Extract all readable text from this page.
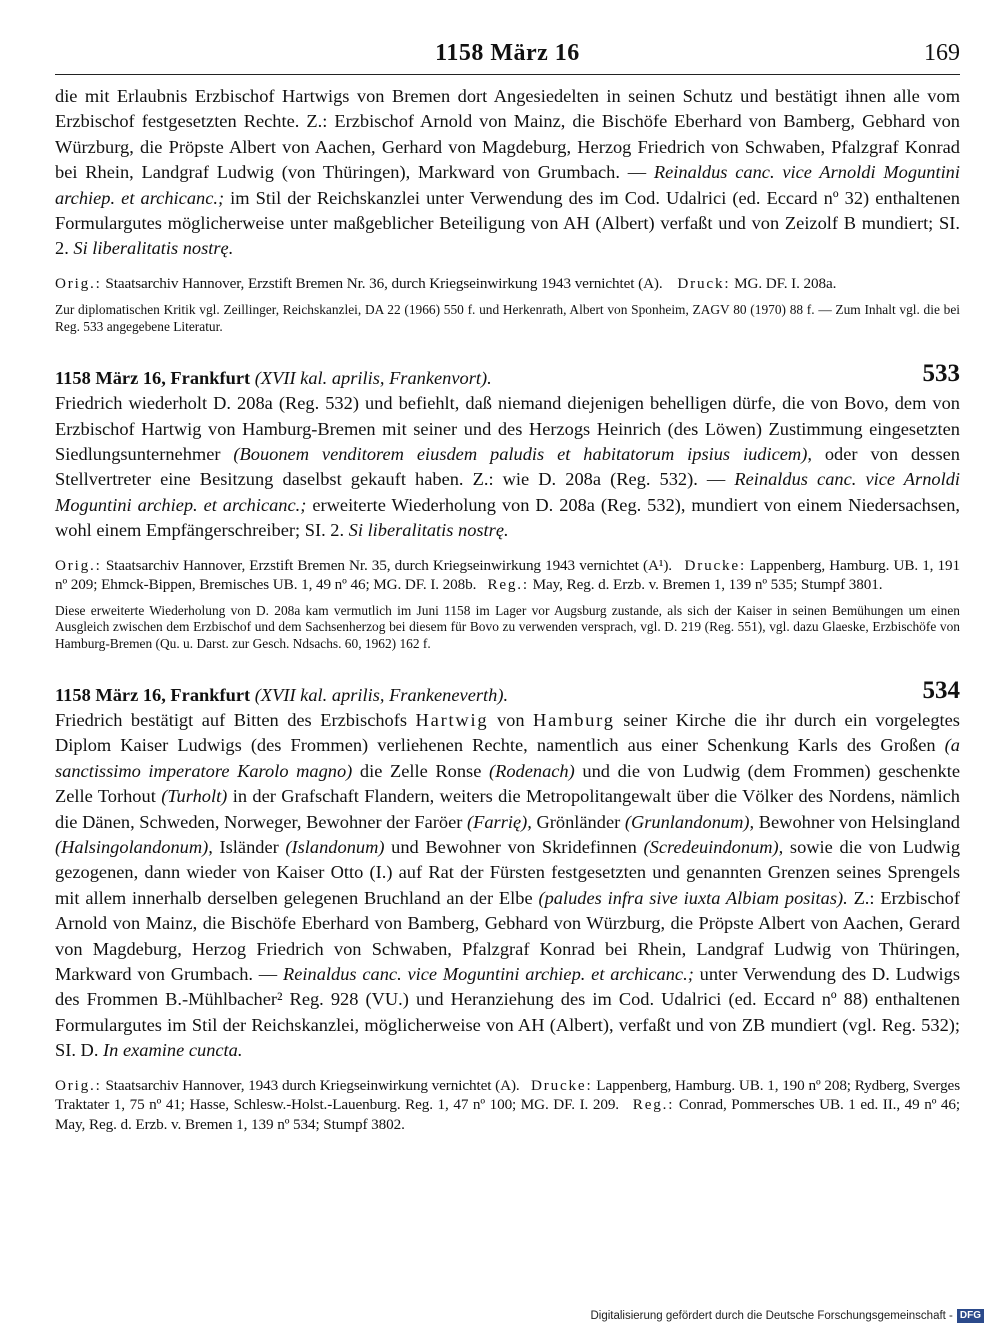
1158 März 16	169

die mit Erlaubnis Erzbischof Hartwigs von Bremen dort Angesiedelten in seinen Schutz und bestätigt ihnen alle vom Erzbischof festgesetzten Rechte. Z.: Erzbischof Arnold von Mainz, die Bischöfe Eberhard von Bamberg, Gebhard von Würzburg, die Pröpste Albert von Aachen, Gerhard von Magdeburg, Herzog Friedrich von Schwaben, Pfalzgraf Konrad bei Rhein, Landgraf Ludwig (von Thüringen), Markward von Grumbach. — Reinaldus canc. vice Arnoldi Moguntini archiep. et archicanc.; im Stil der Reichskanzlei unter Verwendung des im Cod. Udalrici (ed. Eccard nº 32) enthaltenen Formulargutes möglicherweise unter maßgeblicher Beteiligung von AH (Albert) verfaßt und von Zeizolf B mundiert; SI. 2. Si liberalitatis nostrę.

Orig.: Staatsarchiv Hannover, Erzstift Bremen Nr. 36, durch Kriegseinwirkung 1943 vernichtet (A). Druck: MG. DF. I. 208a.

Zur diplomatischen Kritik vgl. Zeillinger, Reichskanzlei, DA 22 (1966) 550 f. und Herkenrath, Albert von Sponheim, ZAGV 80 (1970) 88 f. — Zum Inhalt vgl. die bei Reg. 533 angegebene Literatur.

1158 März 16, Frankfurt (XVII kal. aprilis, Frankenvort).	533

Friedrich wiederholt D. 208a (Reg. 532) und befiehlt, daß niemand diejenigen behelligen dürfe, die von Bovo, dem von Erzbischof Hartwig von Hamburg-Bremen mit seiner und des Herzogs Heinrich (des Löwen) Zustimmung eingesetzten Siedlungsunternehmer (Bouonem venditorem eiusdem paludis et habitatorum ipsius iudicem), oder von dessen Stellvertreter eine Besitzung daselbst gekauft haben. Z.: wie D. 208a (Reg. 532). — Reinaldus canc. vice Arnoldi Moguntini archiep. et archicanc.; erweiterte Wiederholung von D. 208a (Reg. 532), mundiert von einem Niedersachsen, wohl einem Empfängerschreiber; SI. 2. Si liberalitatis nostrę.

Orig.: Staatsarchiv Hannover, Erzstift Bremen Nr. 35, durch Kriegseinwirkung 1943 vernichtet (A¹). Drucke: Lappenberg, Hamburg. UB. 1, 191 nº 209; Ehmck-Bippen, Bremisches UB. 1, 49 nº 46; MG. DF. I. 208b. Reg.: May, Reg. d. Erzb. v. Bremen 1, 139 nº 535; Stumpf 3801.

Diese erweiterte Wiederholung von D. 208a kam vermutlich im Juni 1158 im Lager vor Augsburg zustande, als sich der Kaiser in seinen Bemühungen um einen Ausgleich zwischen dem Erzbischof und dem Sachsenherzog bei diesem für Bovo zu verwenden versprach, vgl. D. 219 (Reg. 551), vgl. dazu Glaeske, Erzbischöfe von Hamburg-Bremen (Qu. u. Darst. zur Gesch. Ndsachs. 60, 1962) 162 f.

1158 März 16, Frankfurt (XVII kal. aprilis, Frankeneverth).	534

Friedrich bestätigt auf Bitten des Erzbischofs Hartwig von Hamburg seiner Kirche die ihr durch ein vorgelegtes Diplom Kaiser Ludwigs (des Frommen) verliehenen Rechte, namentlich aus einer Schenkung Karls des Großen (a sanctissimo imperatore Karolo magno) die Zelle Ronse (Rodenach) und die von Ludwig (dem Frommen) geschenkte Zelle Torhout (Turholt) in der Grafschaft Flandern, weiters die Metropolitangewalt über die Völker des Nordens, nämlich die Dänen, Schweden, Norweger, Bewohner der Faröer (Farrię), Grönländer (Grunlandonum), Bewohner von Helsingland (Halsingolandonum), Isländer (Islandonum) und Bewohner von Skridefinnen (Scredeuindonum), sowie die von Ludwig gezogenen, dann wieder von Kaiser Otto (I.) auf Rat der Fürsten festgesetzten und genannten Grenzen seines Sprengels mit allem innerhalb derselben gelegenen Bruchland an der Elbe (paludes infra sive iuxta Albiam positas). Z.: Erzbischof Arnold von Mainz, die Bischöfe Eberhard von Bamberg, Gebhard von Würzburg, die Pröpste Albert von Aachen, Gerard von Magdeburg, Herzog Friedrich von Schwaben, Pfalzgraf Konrad bei Rhein, Landgraf Ludwig von Thüringen, Markward von Grumbach. — Reinaldus canc. vice Moguntini archiep. et archicanc.; unter Verwendung des D. Ludwigs des Frommen B.-Mühlbacher² Reg. 928 (VU.) und Heranziehung des im Cod. Udalrici (ed. Eccard nº 88) enthaltenen Formulargutes im Stil der Reichskanzlei, möglicherweise von AH (Albert), verfaßt und von ZB mundiert (vgl. Reg. 532); SI. D. In examine cuncta.

Orig.: Staatsarchiv Hannover, 1943 durch Kriegseinwirkung vernichtet (A). Drucke: Lappenberg, Hamburg. UB. 1, 190 nº 208; Rydberg, Sverges Traktater 1, 75 nº 41; Hasse, Schlesw.-Holst.-Lauenburg. Reg. 1, 47 nº 100; MG. DF. I. 209. Reg.: Conrad, Pommersches UB. 1 ed. II., 49 nº 46; May, Reg. d. Erzb. v. Bremen 1, 139 nº 534; Stumpf 3802.

Digitalisierung gefördert durch die Deutsche Forschungsgemeinschaft - DFG
